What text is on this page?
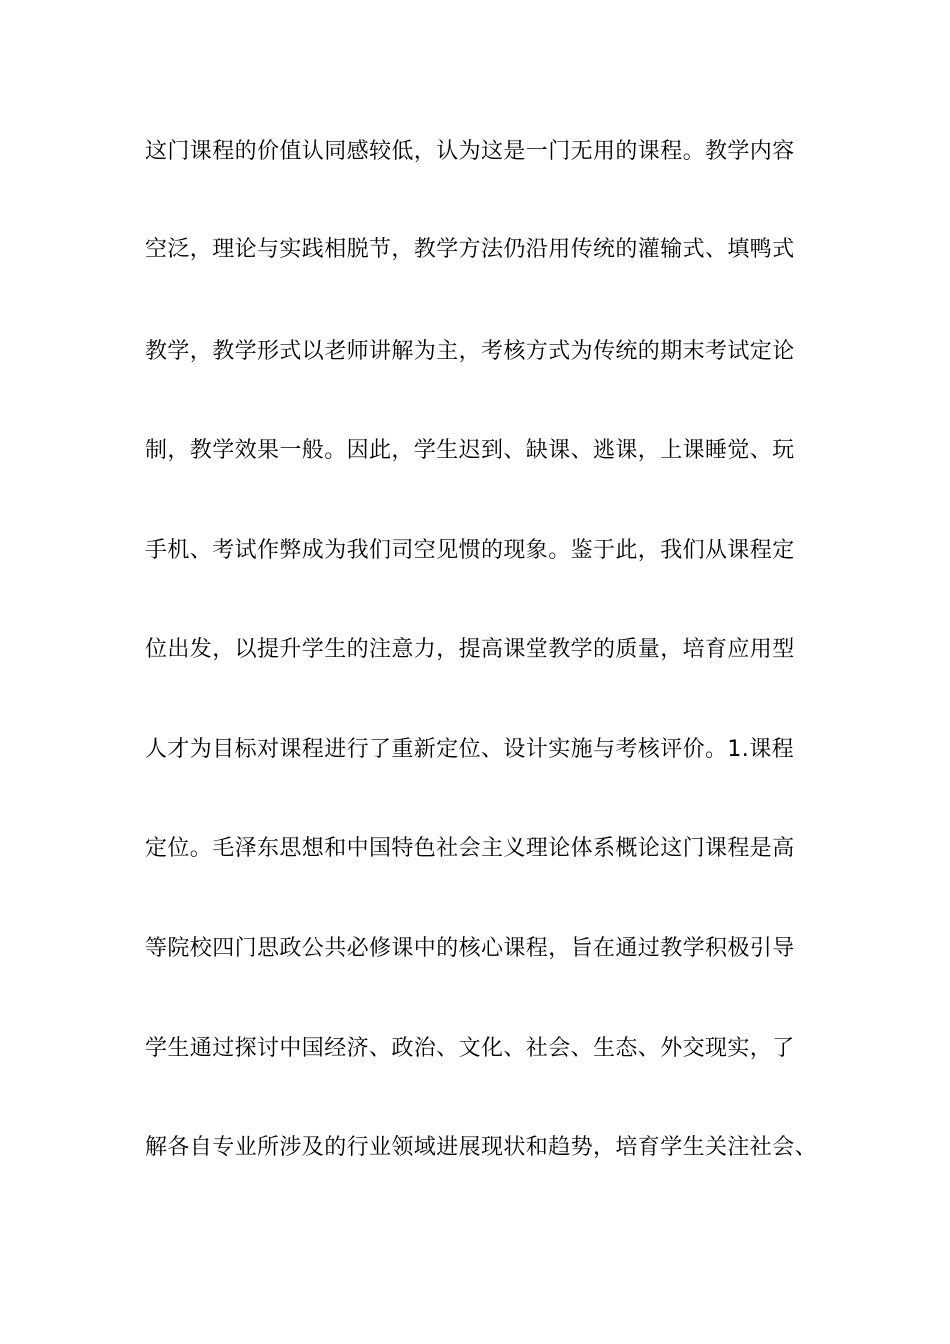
这门课程的价值认同感较低，认为这是一门无用的课程。教学内容
空泛，理论与实践相脱节，教学方法仍沿用传统的灌输式、填鸭式
教学，教学形式以老师讲解为主，考核方式为传统的期末考试定论
制，教学效果一般。因此，学生迟到、缺课、逃课，上课睡觉、玩
手机、考试作弊成为我们司空见惯的现象。鉴于此，我们从课程定
位出发，以提升学生的注意力，提高课堂教学的质量，培育应用型
人才为目标对课程进行了重新定位、设计实施与考核评价。1.课程
定位。毛泽东思想和中国特色社会主义理论体系概论这门课程是高
等院校四门思政公共必修课中的核心课程，旨在通过教学积极引导
学生通过探讨中国经济、政治、文化、社会、生态、外交现实，了
解各自专业所涉及的行业领域进展现状和趋势，培育学生关注社会、
